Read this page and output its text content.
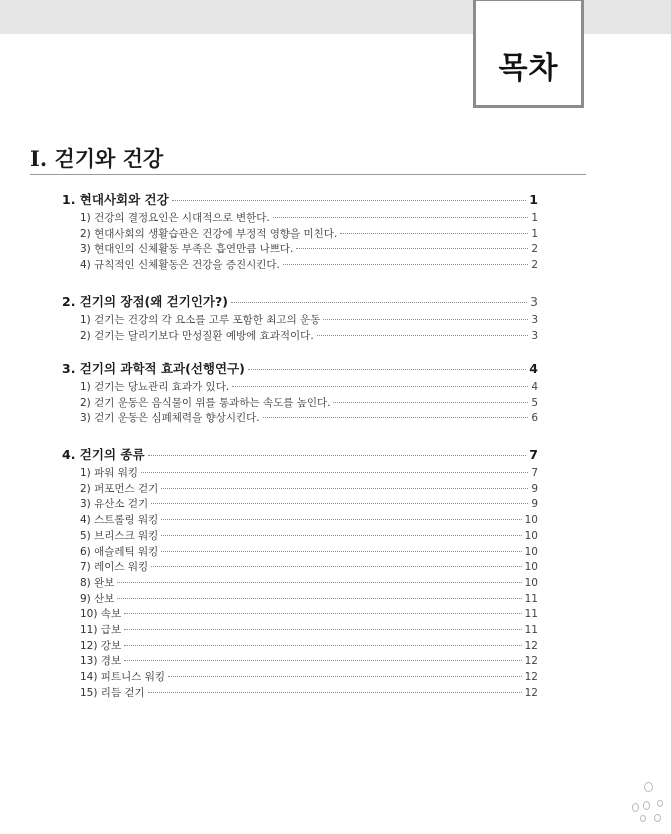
목차
I. 걷기와 건강
1. 현대사회와 건강	1
1) 건강의 결정요인은 시대적으로 변한다.	1
2) 현대사회의 생활습관은 건강에 부정적 영향을 미친다.	1
3) 현대인의 신체활동 부족은 흡연만큼 나쁘다.	2
4) 규칙적인 신체활동은 건강을 증진시킨다.	2
2. 걷기의 장점(왜 걷기인가?)	3
1) 걷기는 건강의 각 요소를 고루 포함한 최고의 운동	3
2) 걷기는 달리기보다 만성질환 예방에 효과적이다.	3
3. 걷기의 과학적 효과(선행연구)	4
1) 걷기는 당뇨관리 효과가 있다.	4
2) 걷기 운동은 음식물이 위를 통과하는 속도를 높인다.	5
3) 걷기 운동은 심폐체력을 향상시킨다.	6
4. 걷기의 종류	7
1) 파워 워킹	7
2) 퍼포먼스 걷기	9
3) 유산소 걷기	9
4) 스트롤링 워킹	10
5) 브리스크 워킹	10
6) 애슬레틱 워킹	10
7) 레이스 워킹	10
8) 완보	10
9) 산보	11
10) 속보	11
11) 급보	11
12) 강보	12
13) 경보	12
14) 피트니스 워킹	12
15) 리듬 걷기	12
